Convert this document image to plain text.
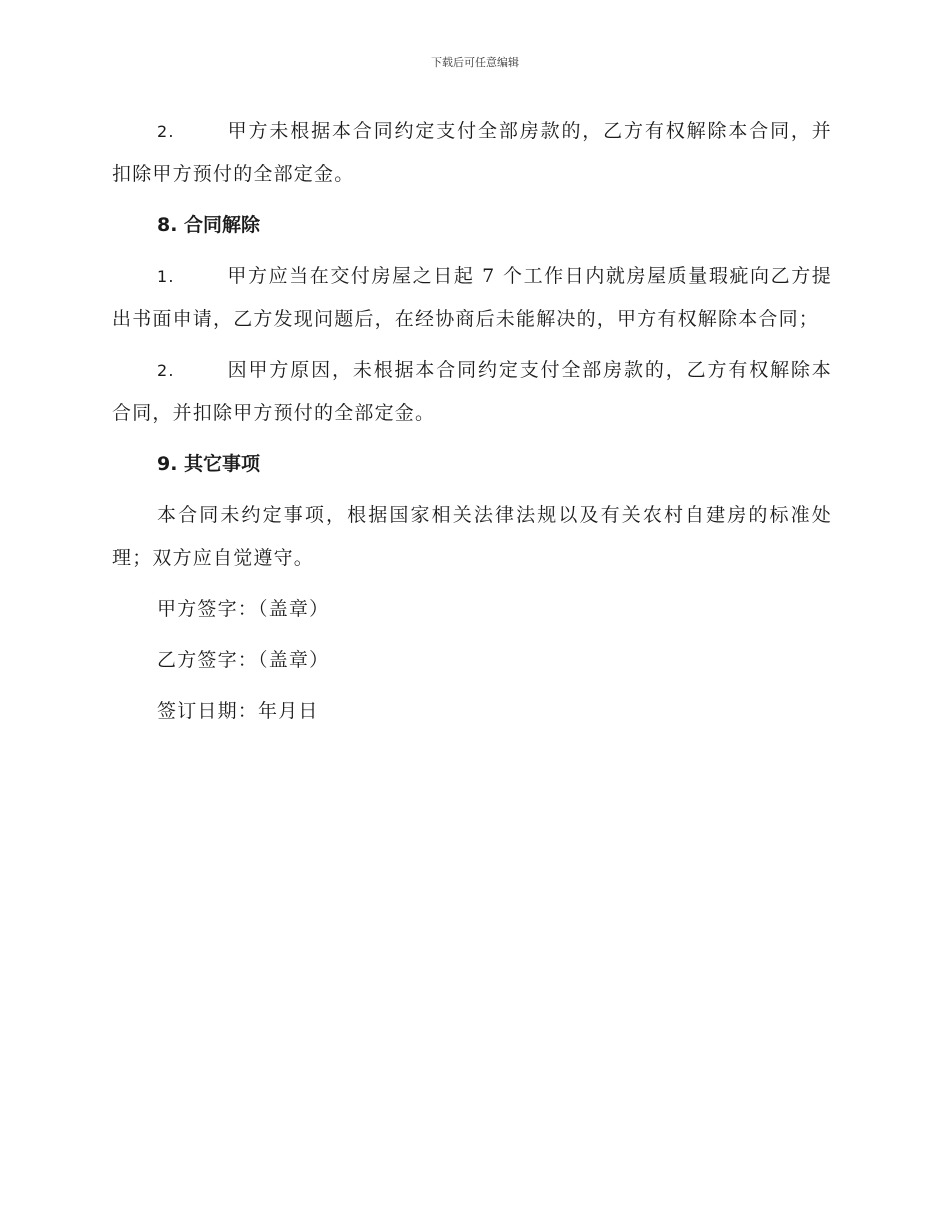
下载后可任意编辑

2.	甲方未根据本合同约定支付全部房款的，乙方有权解除本合同，并扣除甲方预付的全部定金。

8. 合同解除

1.	甲方应当在交付房屋之日起 7 个工作日内就房屋质量瑕疵向乙方提出书面申请，乙方发现问题后，在经协商后未能解决的，甲方有权解除本合同；

2.	因甲方原因，未根据本合同约定支付全部房款的，乙方有权解除本合同，并扣除甲方预付的全部定金。

9. 其它事项

本合同未约定事项，根据国家相关法律法规以及有关农村自建房的标准处理；双方应自觉遵守。

甲方签字：（盖章）
乙方签字：（盖章）
签订日期：年月日
